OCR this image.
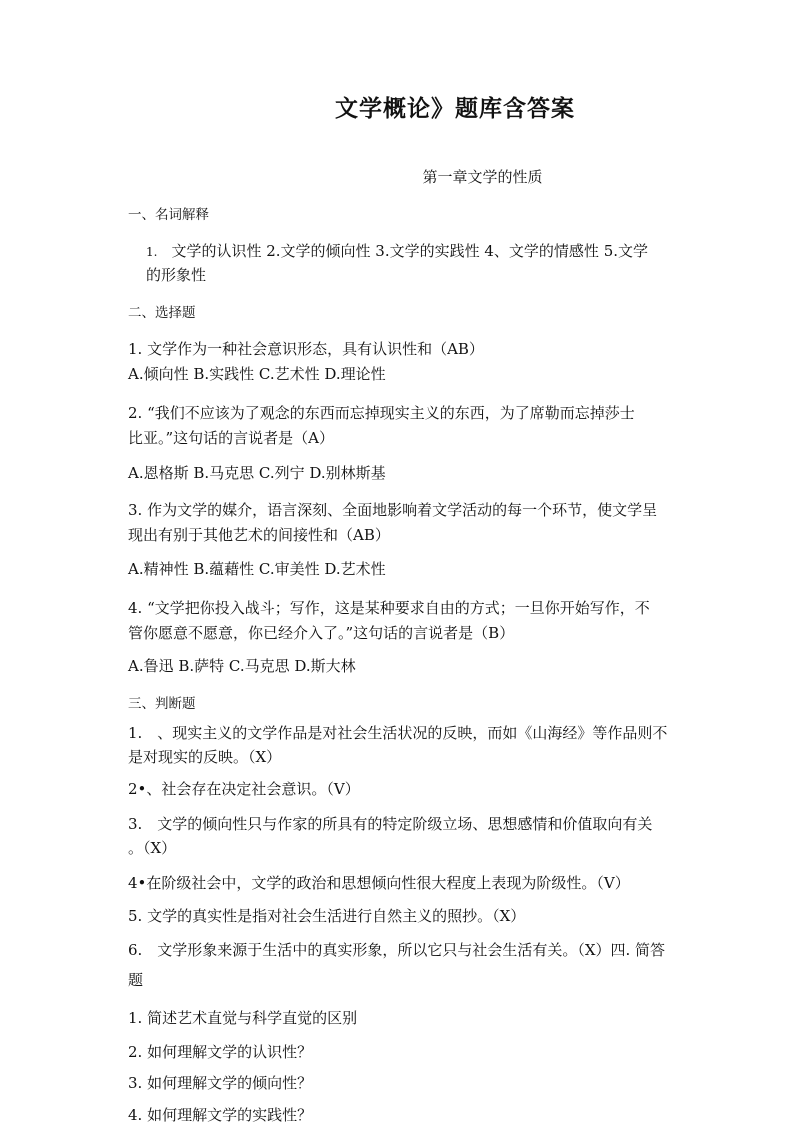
文学概论》题库含答案
第一章文学的性质
一、名词解释
1. 文学的认识性 2.文学的倾向性 3.文学的实践性 4、文学的情感性 5.文学
的形象性
二、选择题
1. 文学作为一种社会意识形态，具有认识性和（AB）
A.倾向性 B.实践性 C.艺术性 D.理论性
2. “我们不应该为了观念的东西而忘掉现实主义的东西，为了席勒而忘掉莎士
比亚。”这句话的言说者是（A）
A.恩格斯 B.马克思 C.列宁 D.别林斯基
3. 作为文学的媒介，语言深刻、全面地影响着文学活动的每一个环节，使文学呈
现出有别于其他艺术的间接性和（AB）
A.精神性 B.蕴藉性 C.审美性 D.艺术性
4. “文学把你投入战斗；写作，这是某种要求自由的方式；一旦你开始写作，不
管你愿意不愿意，你已经介入了。”这句话的言说者是（B）
A.鲁迅 B.萨特 C.马克思 D.斯大林
三、判断题
1.　、现实主义的文学作品是对社会生活状况的反映，而如《山海经》等作品则不
是对现实的反映。（X）
2•、社会存在决定社会意识。（V）
3.　文学的倾向性只与作家的所具有的特定阶级立场、思想感情和价值取向有关
。（X）
4•在阶级社会中，文学的政治和思想倾向性很大程度上表现为阶级性。（V）
5. 文学的真实性是指对社会生活进行自然主义的照抄。（X）
6.　文学形象来源于生活中的真实形象，所以它只与社会生活有关。（X）四. 简答
题
1. 简述艺术直觉与科学直觉的区别
2. 如何理解文学的认识性？
3. 如何理解文学的倾向性？
4. 如何理解文学的实践性？
